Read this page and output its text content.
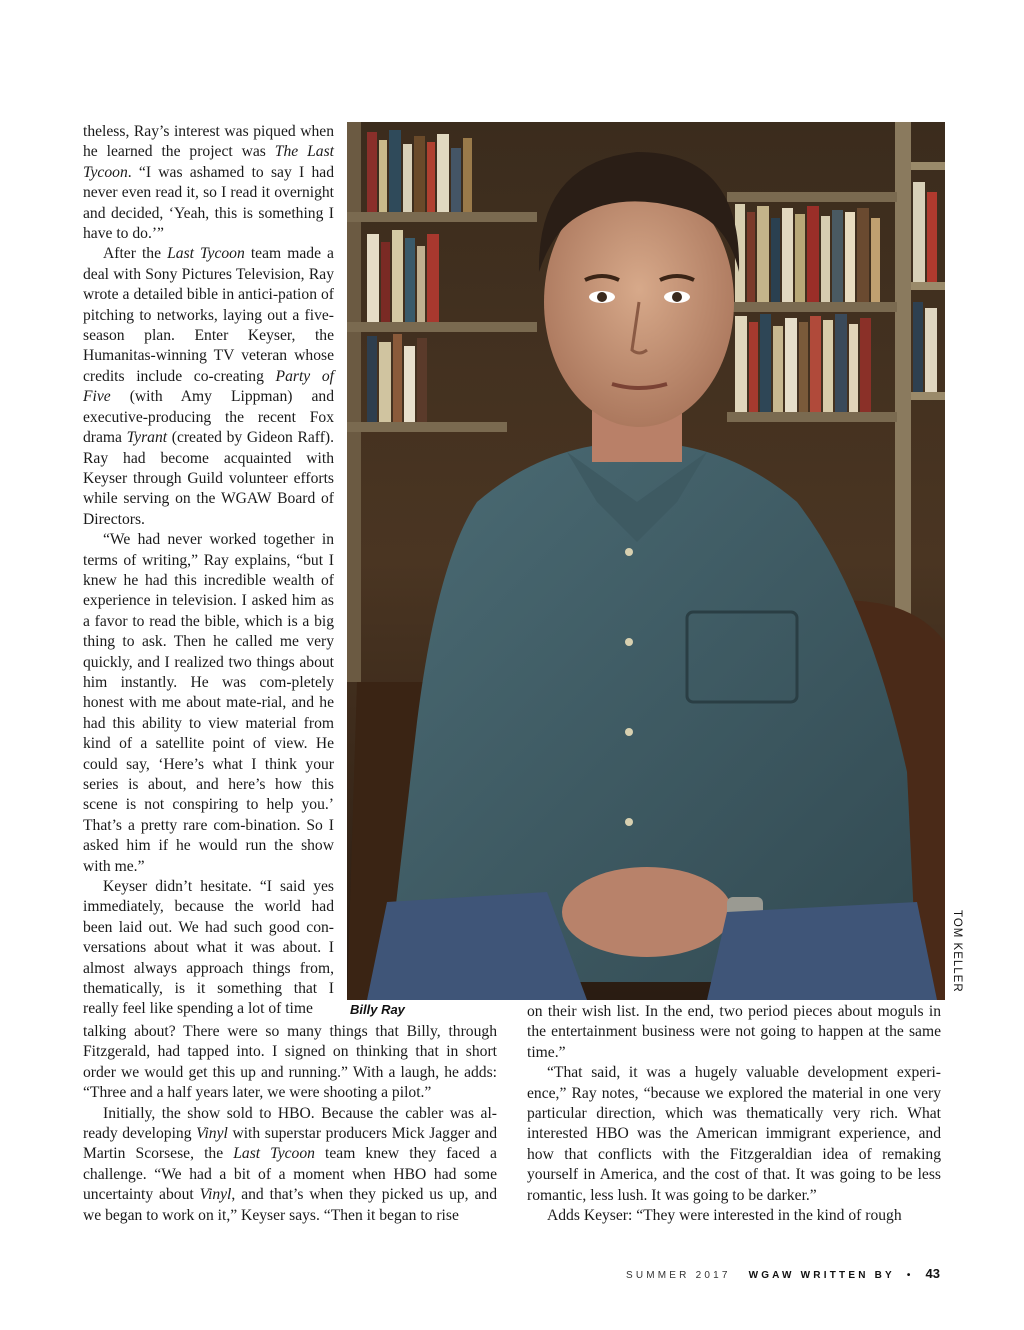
theless, Ray’s interest was piqued when he learned the project was The Last Tycoon. “I was ashamed to say I had never even read it, so I read it overnight and decided, ‘Yeah, this is something I have to do.’”

After the Last Tycoon team made a deal with Sony Pictures Television, Ray wrote a detailed bible in antici-pation of pitching to networks, laying out a five-season plan. Enter Keyser, the Humanitas-winning TV veteran whose credits include co-creating Party of Five (with Amy Lippman) and executive-producing the recent Fox drama Tyrant (created by Gideon Raff). Ray had become acquainted with Keyser through Guild volunteer efforts while serving on the WGAW Board of Directors.

“We had never worked together in terms of writing,” Ray explains, “but I knew he had this incredible wealth of experience in television. I asked him as a favor to read the bible, which is a big thing to ask. Then he called me very quickly, and I realized two things about him instantly. He was com-pletely honest with me about mate-rial, and he had this ability to view material from kind of a satellite point of view. He could say, ‘Here’s what I think your series is about, and here’s how this scene is not conspiring to help you.’ That’s a pretty rare com-bination. So I asked him if he would run the show with me.”

Keyser didn’t hesitate. “I said yes immediately, because the world had been laid out. We had such good con-versations about what it was about. I almost always approach things from, thematically, is it something that I really feel like spending a lot of time	Billy Ray
TOM KELLER

talking about? There were so many things that Billy, through Fitzgerald, had tapped into. I signed on thinking that in short order we would get this up and running.” With a laugh, he adds: “Three and a half years later, we were shooting a pilot.”

Initially, the show sold to HBO. Because the cabler was al-ready developing Vinyl with superstar producers Mick Jagger and Martin Scorsese, the Last Tycoon team knew they faced a challenge. “We had a bit of a moment when HBO had some uncertainty about Vinyl, and that’s when they picked us up, and we began to work on it,” Keyser says. “Then it began to rise

on their wish list. In the end, two period pieces about moguls in the entertainment business were not going to happen at the same time.”

“That said, it was a hugely valuable development experi-ence,” Ray notes, “because we explored the material in one very particular direction, which was thematically very rich. What interested HBO was the American immigrant experience, and how that conflicts with the Fitzgeraldian idea of remaking yourself in America, and the cost of that. It was going to be less romantic, less lush. It was going to be darker.”

Adds Keyser: “They were interested in the kind of rough

SUMMER 2017 WGAW WRITTEN BY • 43
